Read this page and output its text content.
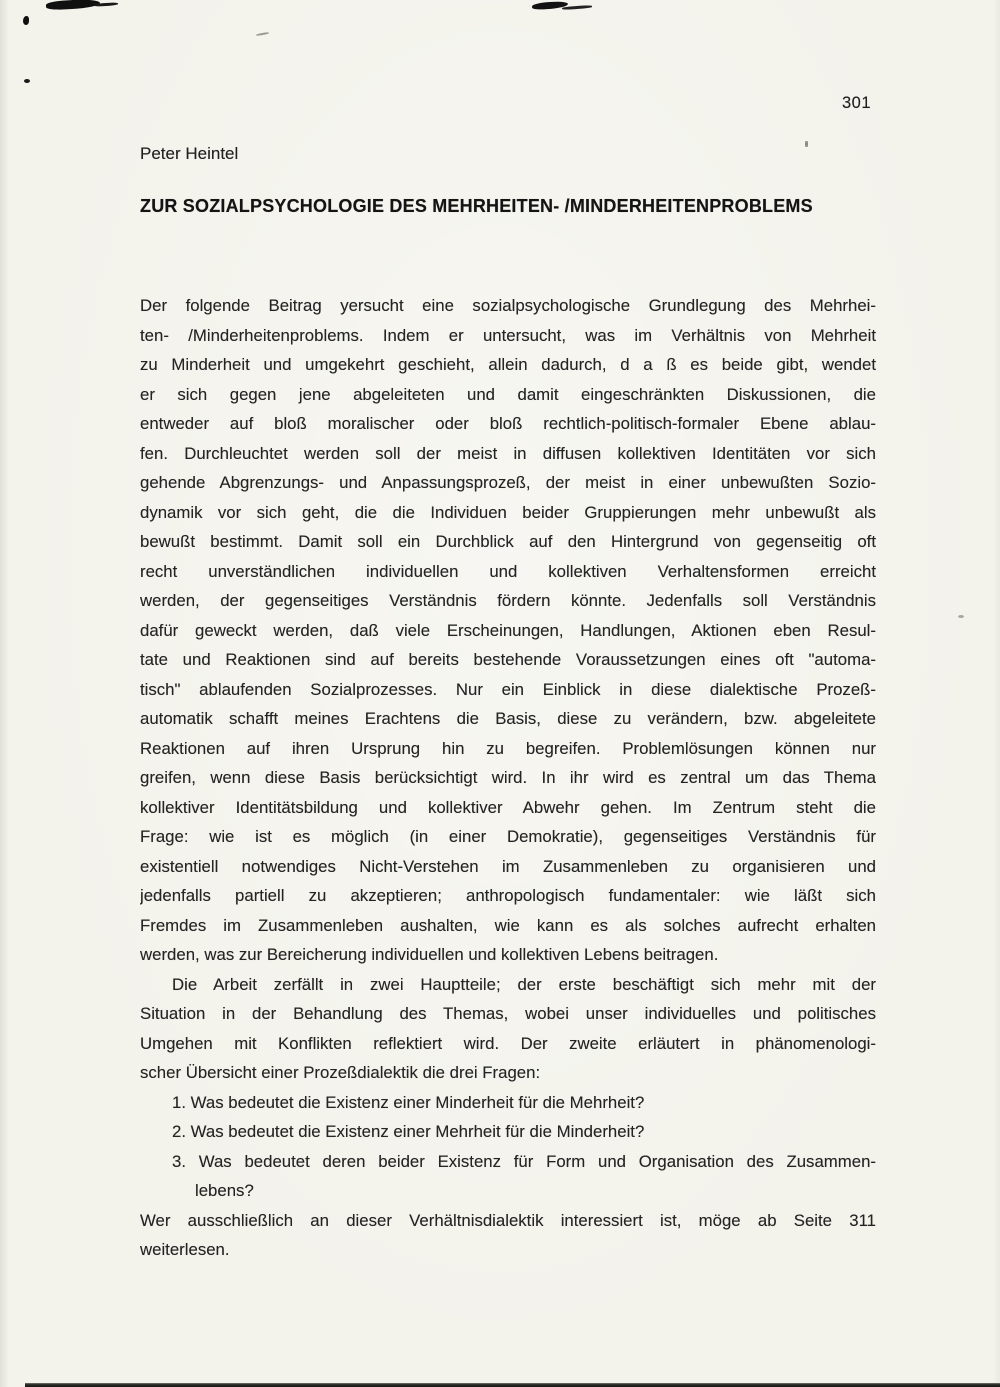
301
Peter Heintel
ZUR SOZIALPSYCHOLOGIE DES MEHRHEITEN- /MINDERHEITENPROBLEMS
Der folgende Beitrag yersucht eine sozialpsychologische Grundlegung des Mehrhei-
ten- /Minderheitenproblems. Indem er untersucht, was im Verhältnis von Mehrheit
zu Minderheit und umgekehrt geschieht, allein dadurch, d a ß es beide gibt, wendet
er sich gegen jene abgeleiteten und damit eingeschränkten Diskussionen, die
entweder auf bloß moralischer oder bloß rechtlich-politisch-formaler Ebene ablau-
fen. Durchleuchtet werden soll der meist in diffusen kollektiven Identitäten vor sich
gehende Abgrenzungs- und Anpassungsprozeß, der meist in einer unbewußten Sozio-
dynamik vor sich geht, die die Individuen beider Gruppierungen mehr unbewußt als
bewußt bestimmt. Damit soll ein Durchblick auf den Hintergrund von gegenseitig oft
recht unverständlichen individuellen und kollektiven Verhaltensformen erreicht
werden, der gegenseitiges Verständnis fördern könnte. Jedenfalls soll Verständnis
dafür geweckt werden, daß viele Erscheinungen, Handlungen, Aktionen eben Resul-
tate und Reaktionen sind auf bereits bestehende Voraussetzungen eines oft "automa-
tisch" ablaufenden Sozialprozesses. Nur ein Einblick in diese dialektische Prozeß-
automatik schafft meines Erachtens die Basis, diese zu verändern, bzw. abgeleitete
Reaktionen auf ihren Ursprung hin zu begreifen. Problemlösungen können nur
greifen, wenn diese Basis berücksichtigt wird. In ihr wird es zentral um das Thema
kollektiver Identitätsbildung und kollektiver Abwehr gehen. Im Zentrum steht die
Frage: wie ist es möglich (in einer Demokratie), gegenseitiges Verständnis für
existentiell notwendiges Nicht-Verstehen im Zusammenleben zu organisieren und
jedenfalls partiell zu akzeptieren; anthropologisch fundamentaler: wie läßt sich
Fremdes im Zusammenleben aushalten, wie kann es als solches aufrecht erhalten
werden, was zur Bereicherung individuellen und kollektiven Lebens beitragen.
Die Arbeit zerfällt in zwei Hauptteile; der erste beschäftigt sich mehr mit der
Situation in der Behandlung des Themas, wobei unser individuelles und politisches
Umgehen mit Konflikten reflektiert wird. Der zweite erläutert in phänomenologi-
scher Übersicht einer Prozeßdialektik die drei Fragen:
1. Was bedeutet die Existenz einer Minderheit für die Mehrheit?
2. Was bedeutet die Existenz einer Mehrheit für die Minderheit?
3. Was bedeutet deren beider Existenz für Form und Organisation des Zusammen-
lebens?
Wer ausschließlich an dieser Verhältnisdialektik interessiert ist, möge ab Seite 311
weiterlesen.
